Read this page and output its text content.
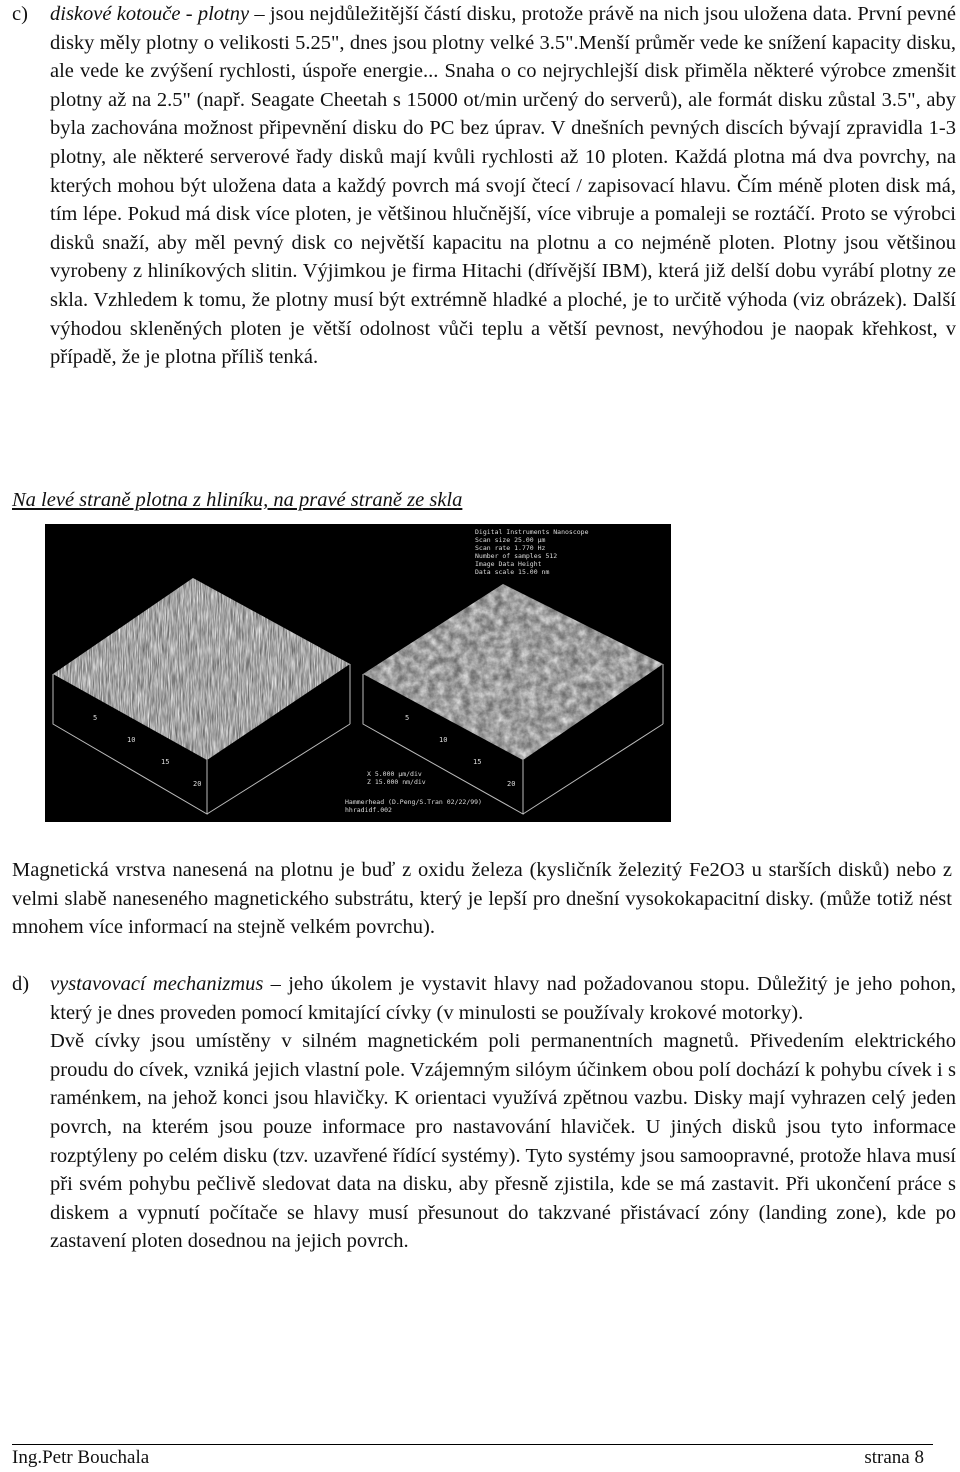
c) diskové kotouče - plotny – jsou nejdůležitější částí disku, protože právě na nich jsou uložena data. První pevné disky měly plotny o velikosti 5.25", dnes jsou plotny velké 3.5".Menší průměr vede ke snížení kapacity disku, ale vede ke zvýšení rychlosti, úspoře energie... Snaha o co nejrychlejší disk přiměla některé výrobce zmenšit plotny až na 2.5" (např. Seagate Cheetah s 15000 ot/min určený do serverů), ale formát disku zůstal 3.5", aby byla zachována možnost připevnění disku do PC bez úprav. V dnešních pevných discích bývají zpravidla 1-3 plotny, ale některé serverové řady disků mají kvůli rychlosti až 10 ploten. Každá plotna má dva povrchy, na kterých mohou být uložena data a každý povrch má svojí čtecí / zapisovací hlavu. Čím méně ploten disk má, tím lépe. Pokud má disk více ploten, je většinou hlučnější, více vibruje a pomaleji se roztáčí. Proto se výrobci disků snaží, aby měl pevný disk co největší kapacitu na plotnu a co nejméně ploten. Plotny jsou většinou vyrobeny z hliníkových slitin. Výjimkou je firma Hitachi (dřívější IBM), která již delší dobu vyrábí plotny ze skla. Vzhledem k tomu, že plotny musí být extrémně hladké a ploché, je to určitě výhoda (viz obrázek). Další výhodou skleněných ploten je větší odolnost vůči teplu a větší pevnost, nevýhodou je naopak křehkost, v případě, že je plotna příliš tenká.

Na levé straně plotna z hliníku, na pravé straně ze skla
Digital Instruments Nanoscope
Scan size 25.00 µm
Scan rate 1.770 Hz
Number of samples 512
Image Data Height
Data scale 15.00 nm
5
10
15
20
5
10
15
20
X 5.000 µm/div
Z 15.000 nm/div
Hammerhead (D.Peng/S.Tran 02/22/99)
hhradidf.002

Magnetická vrstva nanesená na plotnu je buď z oxidu železa (kysličník železitý Fe2O3 u starších disků) nebo z velmi slabě naneseného magnetického substrátu, který je lepší pro dnešní vysokokapacitní disky. (může totiž nést mnohem více informací na stejně velkém povrchu).

d) vystavovací mechanizmus – jeho úkolem je vystavit hlavy nad požadovanou stopu. Důležitý je jeho pohon, který je dnes proveden pomocí kmitající cívky (v minulosti se používaly krokové motorky).

Dvě cívky jsou umístěny v silném magnetickém poli permanentních magnetů. Přivedením elektrického proudu do cívek, vzniká jejich vlastní pole. Vzájemným silóym účinkem obou polí dochází k pohybu cívek i s raménkem, na jehož konci jsou hlavičky. K orientaci využívá zpětnou vazbu. Disky mají vyhrazen celý jeden povrch, na kterém jsou pouze informace pro nastavování hlaviček. U jiných disků jsou tyto informace rozptýleny po celém disku (tzv. uzavřené řídící systémy). Tyto systémy jsou samoopravné, protože hlava musí při svém pohybu pečlivě sledovat data na disku, aby přesně zjistila, kde se má zastavit. Při ukončení práce s diskem a vypnutí počítače se hlavy musí přesunout do takzvané přistávací zóny (landing zone), kde po zastavení ploten dosednou na jejich povrch.

Ing.Petr Bouchala	strana 8
